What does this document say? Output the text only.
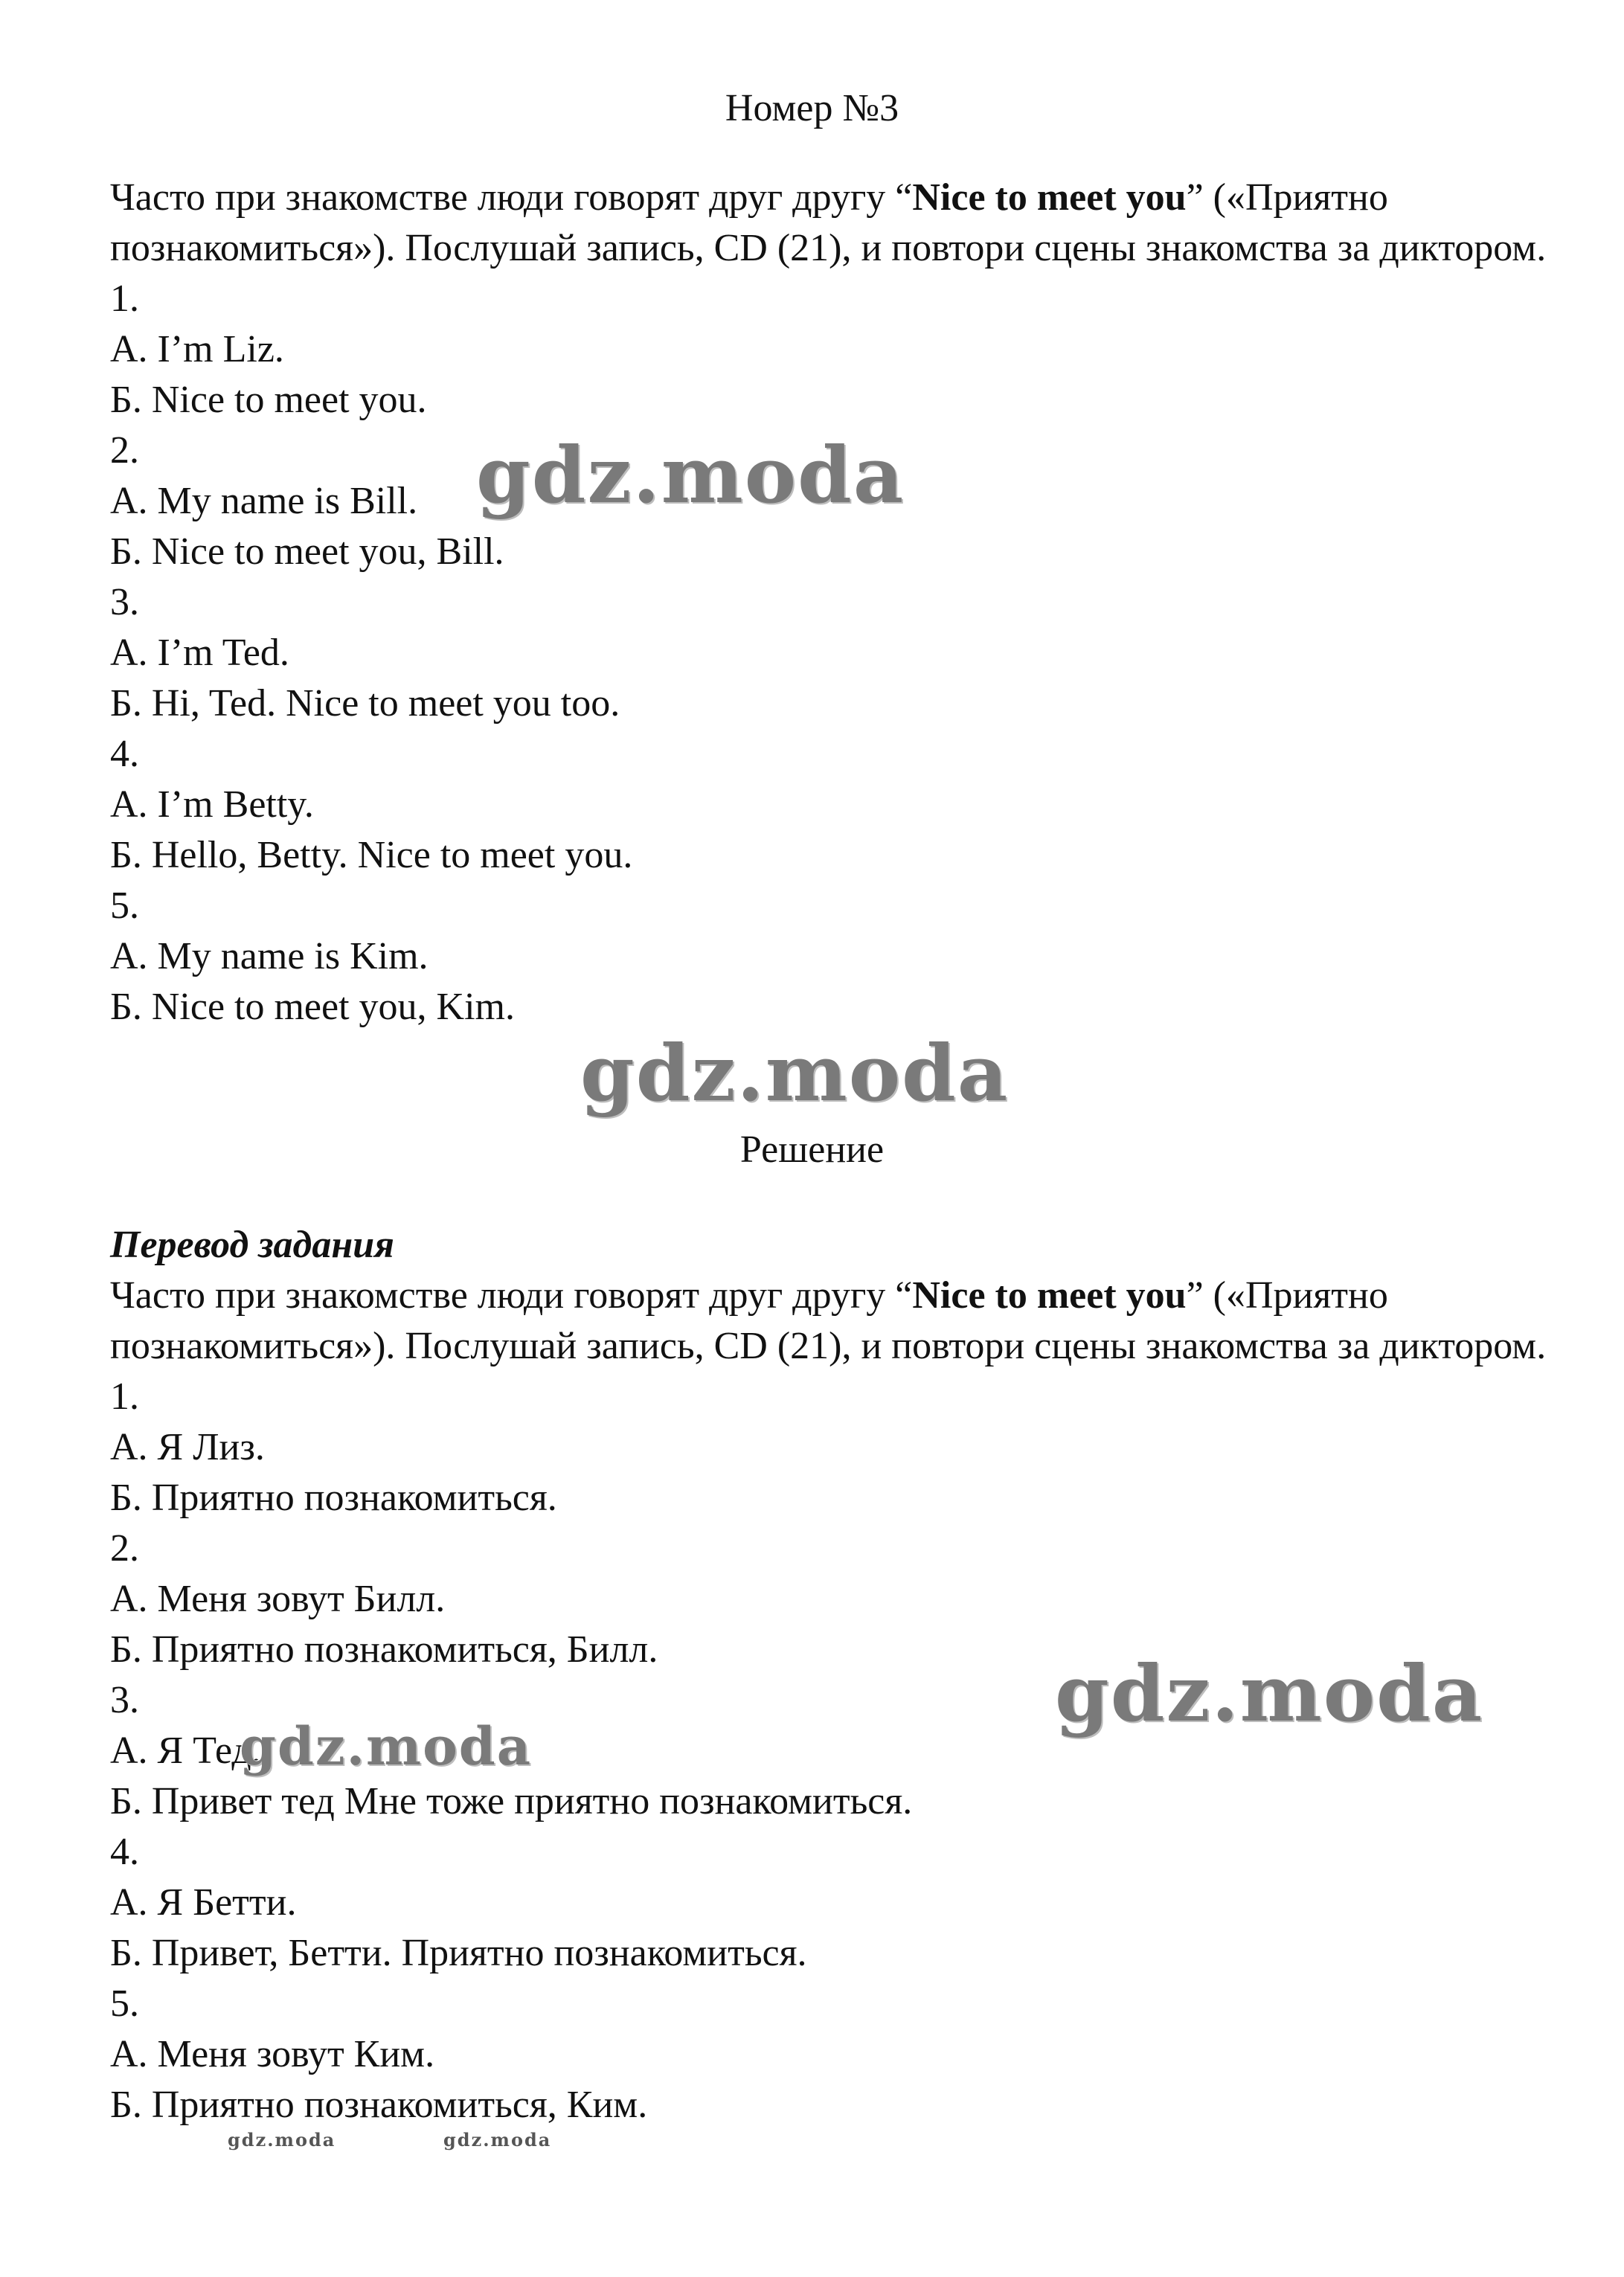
Номер №3

Часто при знакомстве люди говорят друг другу “Nice to meet you” («Приятно познакомиться»). Послушай запись, CD (21), и повтори сцены знакомства за диктором.

1.

А. I’m Liz.

Б. Nice to meet you.

2.

А. My name is Bill.

Б. Nice to meet you, Bill.

3.

А. I’m Ted.

Б. Hi, Ted. Nice to meet you too.

4.

А. I’m Betty.

Б. Hello, Betty. Nice to meet you.

5.

А. My name is Kim.

Б. Nice to meet you, Kim.

Решение

Перевод задания

Часто при знакомстве люди говорят друг другу “Nice to meet you” («Приятно познакомиться»). Послушай запись, CD (21), и повтори сцены знакомства за диктором.

1.

А. Я Лиз.

Б. Приятно познакомиться.

2.

А. Меня зовут Билл.

Б. Приятно познакомиться, Билл.

3.

А. Я Тед.

Б. Привет тед Мне тоже приятно познакомиться.

4.

А. Я Бетти.

Б. Привет, Бетти. Приятно познакомиться.

5.

А. Меня зовут Ким.

Б. Приятно познакомиться, Ким.

gdz.moda
gdz.moda
gdz.moda
gdz.moda
gdz.moda	gdz.moda
